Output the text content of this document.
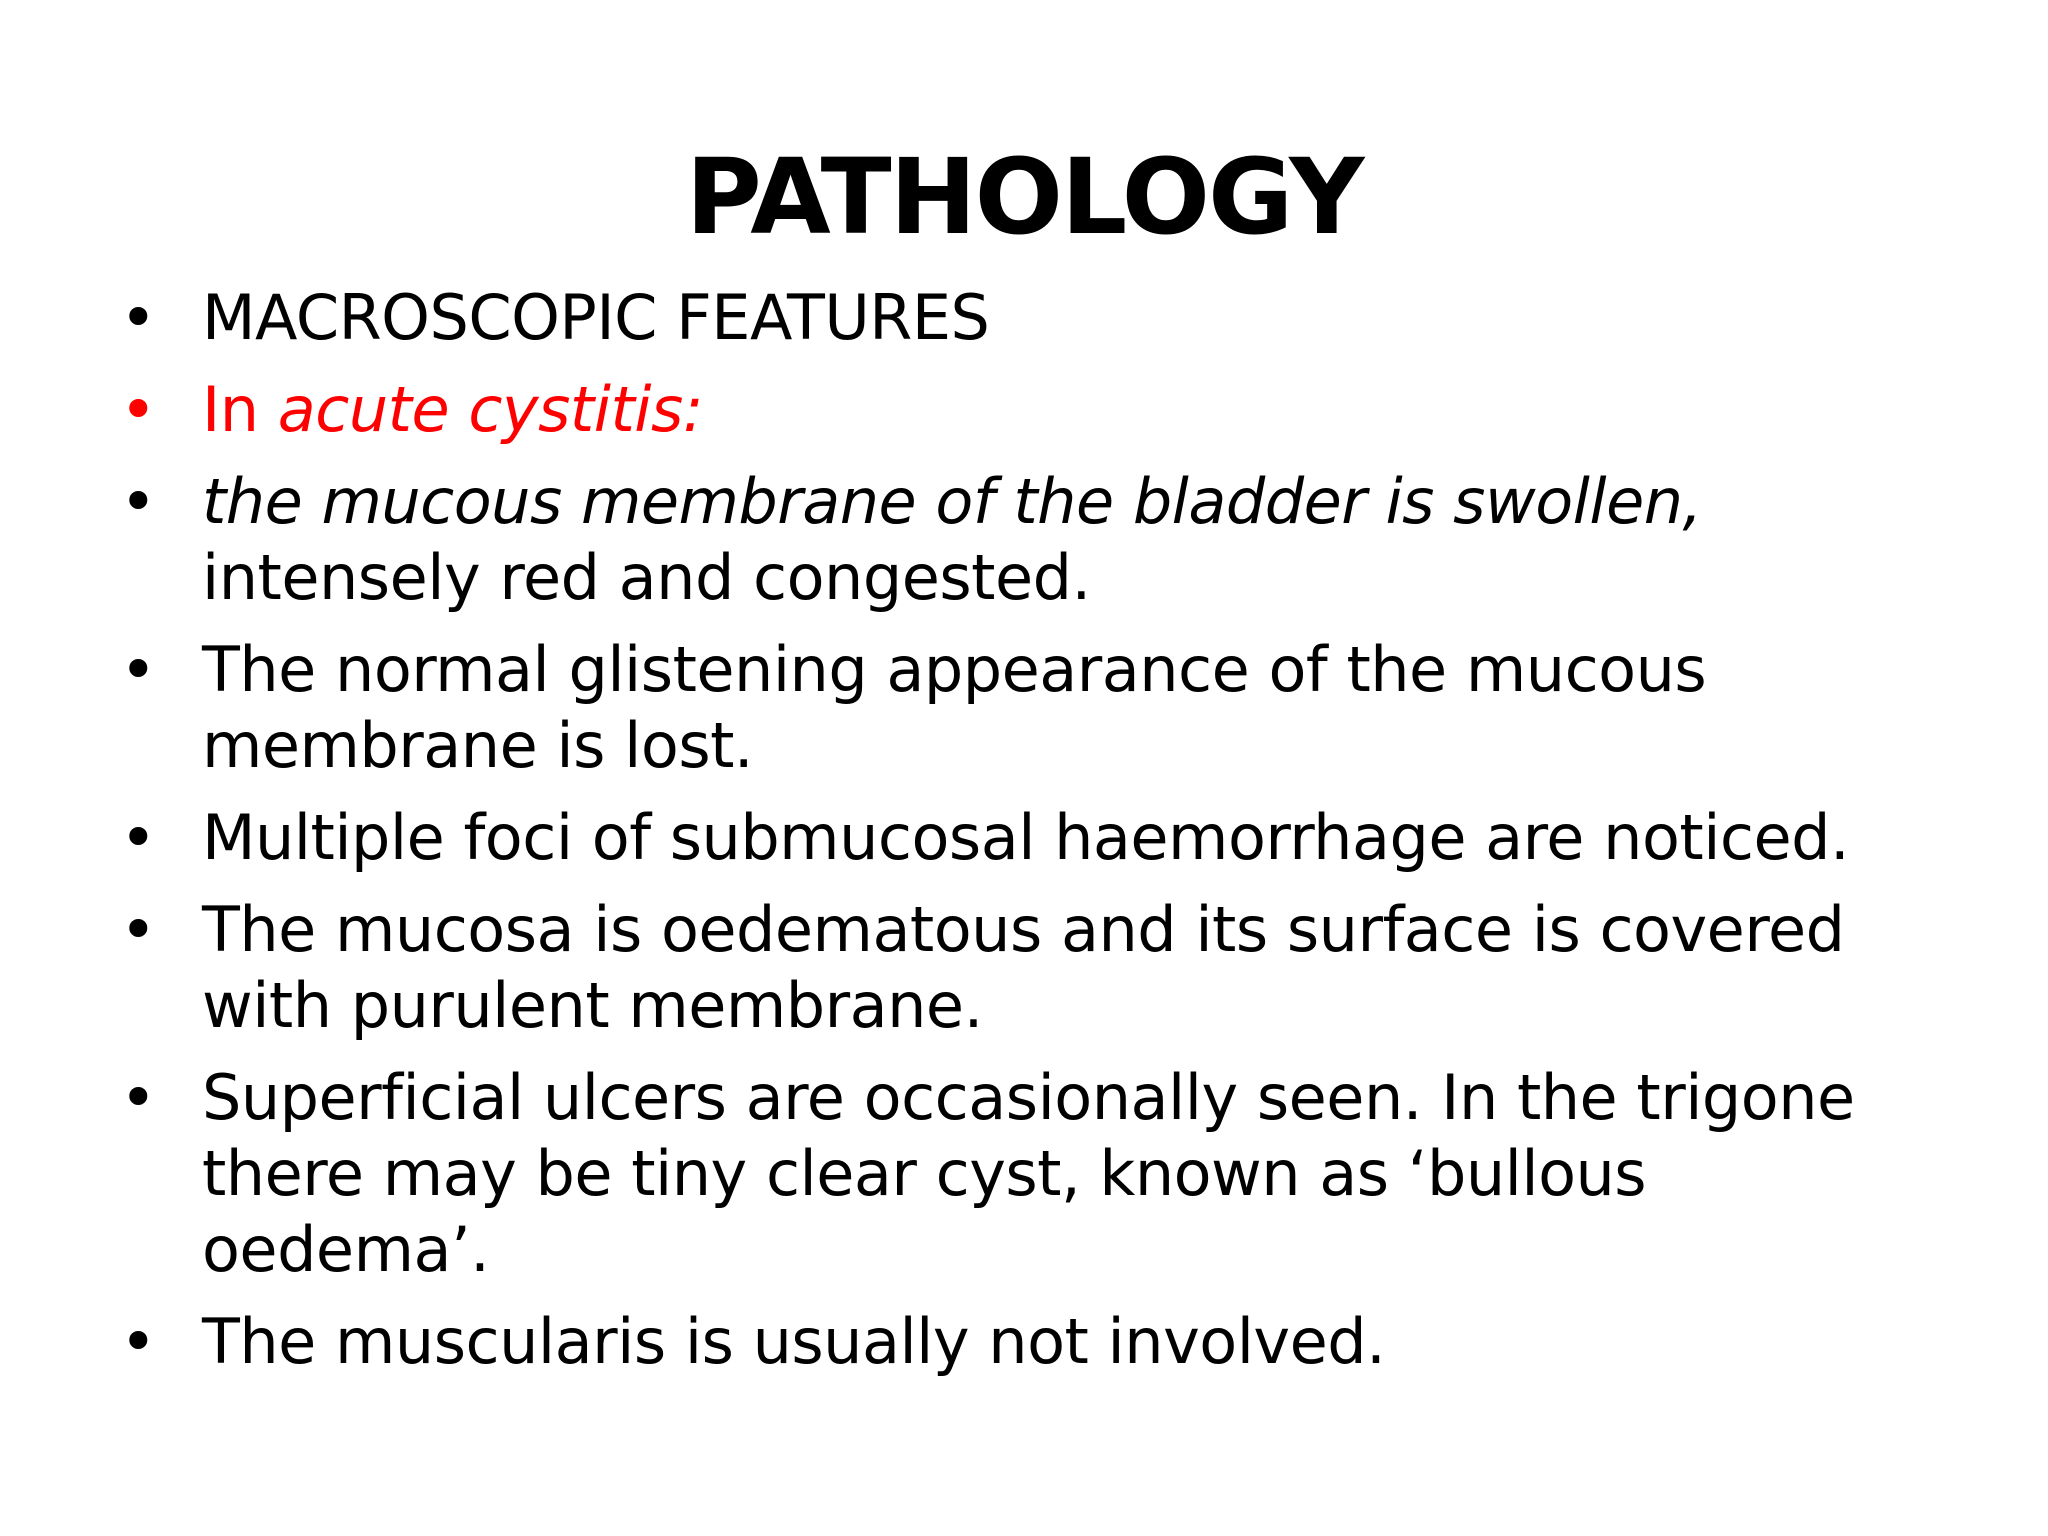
PATHOLOGY
• MACROSCOPIC FEATURES
• In acute cystitis:
• the mucous membrane of the bladder is swollen,
intensely red and congested.
• The normal glistening appearance of the mucous membrane is lost.
• Multiple foci of submucosal haemorrhage are noticed.
• The mucosa is oedematous and its surface is covered with purulent membrane.
• Superficial ulcers are occasionally seen. In the trigone there may be tiny clear cyst, known as ‘bullous oedema’.
• The muscularis is usually not involved.
